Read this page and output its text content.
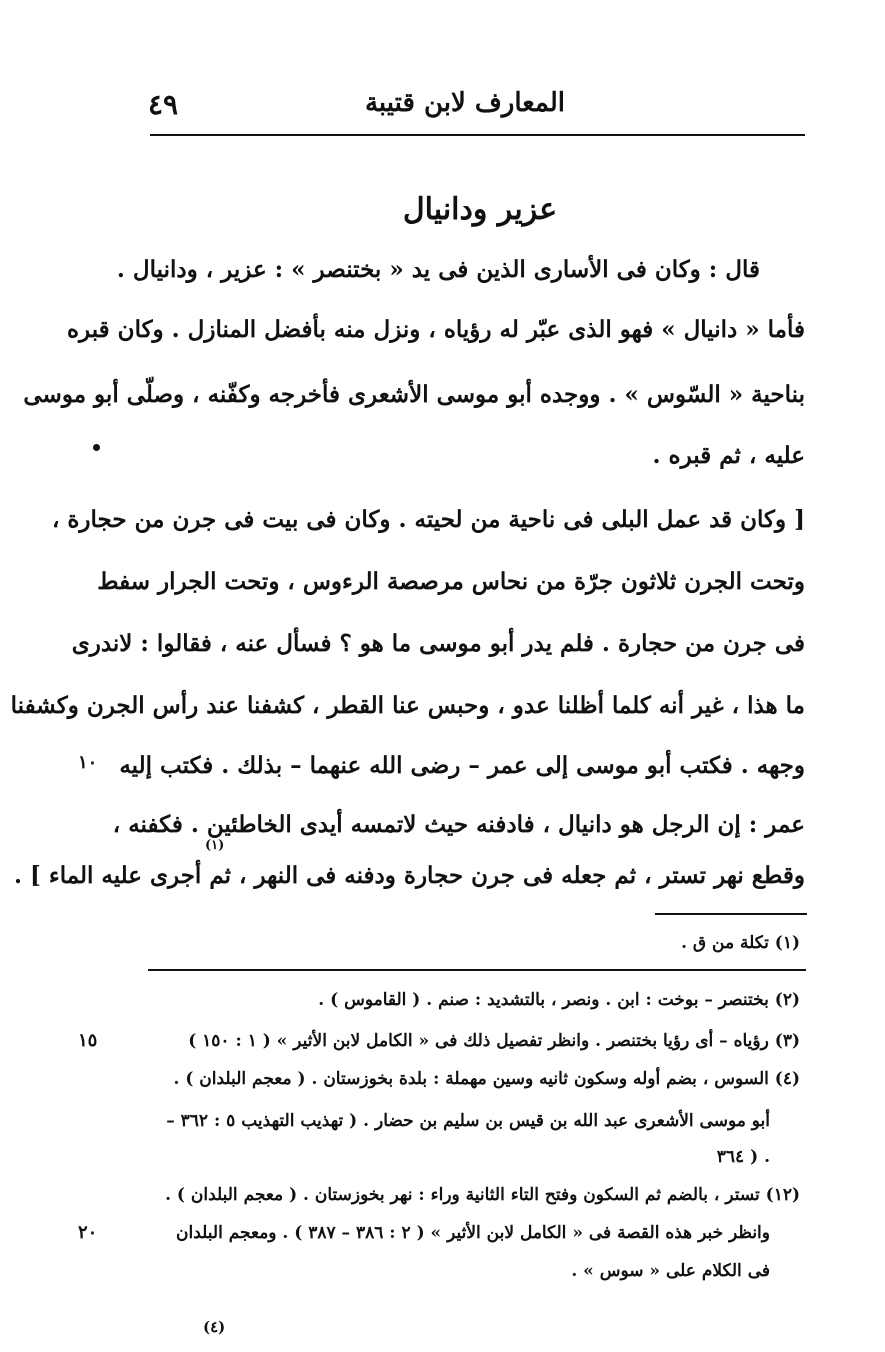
٤٩	المعارف لابن قتيبة
عزير ودانيال
قال : وكان فى الأسارى الذين فى يد « بختنصر » : عزير ، ودانيال .
فأما « دانيال » فهو الذى عبّر له رؤياه ، ونزل منه بأفضل المنازل . وكان قبره
بناحية « السّوس » . ووجده أبو موسى الأشعرى فأخرجه وكفّنه ، وصلّى أبو موسى
عليه ، ثم قبره .
[ وكان قد عمل البلى فى ناحية من لحيته . وكان فى بيت فى جرن من حجارة ،
وتحت الجرن ثلاثون جرّة من نحاس مرصصة الرءوس ، وتحت الجرار سفط
فى جرن من حجارة . فلم يدر أبو موسى ما هو ؟ فسأل عنه ، فقالوا : لاندرى
ما هذا ، غير أنه كلما أظلنا عدو ، وحبس عنا القطر ، كشفنا عند رأس الجرن وكشفنا
وجهه . فكتب أبو موسى إلى عمر – رضى الله عنهما – بذلك . فكتب إليه
عمر : إن الرجل هو دانيال ، فادفنه حيث لاتمسه أيدى الخاطئين . فكفنه ،
(١)
وقطع نهر تستر ، ثم جعله فى جرن حجارة ودفنه فى النهر ، ثم أجرى عليه الماء ] .
١٠
١٥
٢٠
(١) تكلة من ق .
(٢) بختنصر – بوخت : ابن . ونصر ، بالتشديد : صنم . ( القاموس ) .
(٣) رؤياه – أى رؤيا بختنصر . وانظر تفصيل ذلك فى « الكامل لابن الأثير » ( ١ : ١٥٠ )
(٤) السوس ، بضم أوله وسكون ثانيه وسين مهملة : بلدة بخوزستان . ( معجم البلدان ) .
أبو موسى الأشعرى عبد الله بن قيس بن سليم بن حضار . ( تهذيب التهذيب ٥ : ٣٦٢ –
٣٦٤ ) .
(١٢) تستر ، بالضم ثم السكون وفتح التاء الثانية وراء : نهر بخوزستان . ( معجم البلدان ) .
وانظر خبر هذه القصة فى « الكامل لابن الأثير » ( ٢ : ٣٨٦ – ٣٨٧ ) . ومعجم البلدان
فى الكلام على « سوس » .
(٤)
